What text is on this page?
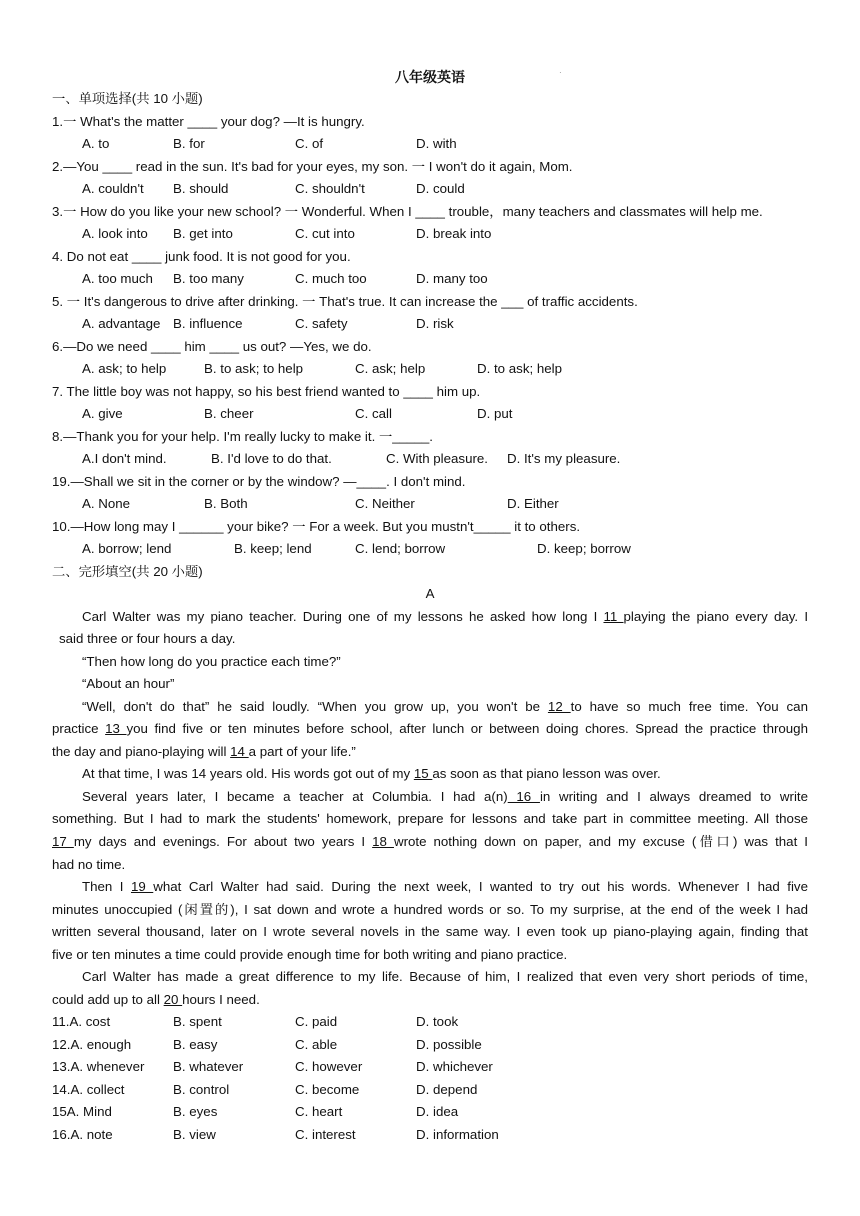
八年级英语	·
一、单项选择(共 10 小题)
1.一 What's the matter ____ your dog? —It is hungry.
A. to	B. for	C. of	D. with
2.—You ____ read in the sun. It's bad for your eyes, my son. 一 I won't do it again, Mom.
A. couldn't B. should	C. shouldn't	D. could
3.一 How do you like your new school? 一 Wonderful. When I ____ trouble，many teachers and classmates will help me.
A. look into B. get into	C. cut into	D. break into
4. Do not eat ____ junk food. It is not good for you.
A. too much B. too many	C. much too	D. many too
5. 一 It's dangerous to drive after drinking. 一 That's true. It can increase the ___ of traffic accidents.
A. advantage B. influence	C. safety	D. risk
6.—Do we need ____ him ____ us out? —Yes, we do.
A. ask; to help	B. to ask; to help	C. ask; help	D. to ask; help
7. The little boy was not happy, so his best friend wanted to ____ him up.
A. give	B. cheer	C. call	D. put
8.—Thank you for your help. I'm really lucky to make it. 一_____.
A.I don't mind.	B. I'd love to do that.	C. With pleasure. D. It's my pleasure.
19.—Shall we sit in the corner or by the window? —____. I don't mind.
A. None	B. Both	C. Neither	D. Either
10.—How long may I ______ your bike? 一 For a week. But you mustn't_____ it to others.
A. borrow; lend	B. keep; lend	C. lend; borrow	D. keep; borrow
二、完形填空(共 20 小题)
A
Carl Walter was my piano teacher. During one of my lessons he asked how long I 11 playing the piano every day. I
said three or four hours a day.
“Then how long do you practice each time?”
“About an hour”
“Well, don't do that” he said loudly. “When you grow up, you won't be 12 to have so much free time. You can
practice 13 you find five or ten minutes before school, after lunch or between doing chores. Spread the practice through
the day and piano-playing will 14 a part of your life.”
At that time, I was 14 years old. His words got out of my 15 as soon as that piano lesson was over.
Several years later, I became a teacher at Columbia. I had a(n) 16 in writing and I always dreamed to write
something. But I had to mark the students' homework, prepare for lessons and take part in committee meeting. All those
17 my days and evenings. For about two years I 18 wrote nothing down on paper, and my excuse (借口) was that I
had no time.
Then I 19 what Carl Walter had said. During the next week, I wanted to try out his words. Whenever I had five
minutes unoccupied (闲置的), I sat down and wrote a hundred words or so. To my surprise, at the end of the week I had
written several thousand, later on I wrote several novels in the same way. I even took up piano-playing again, finding that
five or ten minutes a time could provide enough time for both writing and piano practice.
Carl Walter has made a great difference to my life. Because of him, I realized that even very short periods of time,
could add up to all 20 hours I need.
11.A. cost	B. spent	C. paid	D. took
12.A. enough	B. easy	C. able	D. possible
13.A. whenever B. whatever	C. however	D. whichever
14.A. collect	B. control	C. become	D. depend
15A. Mind	B. eyes	C. heart	D. idea
16.A. note	B. view	C. interest	D. information
